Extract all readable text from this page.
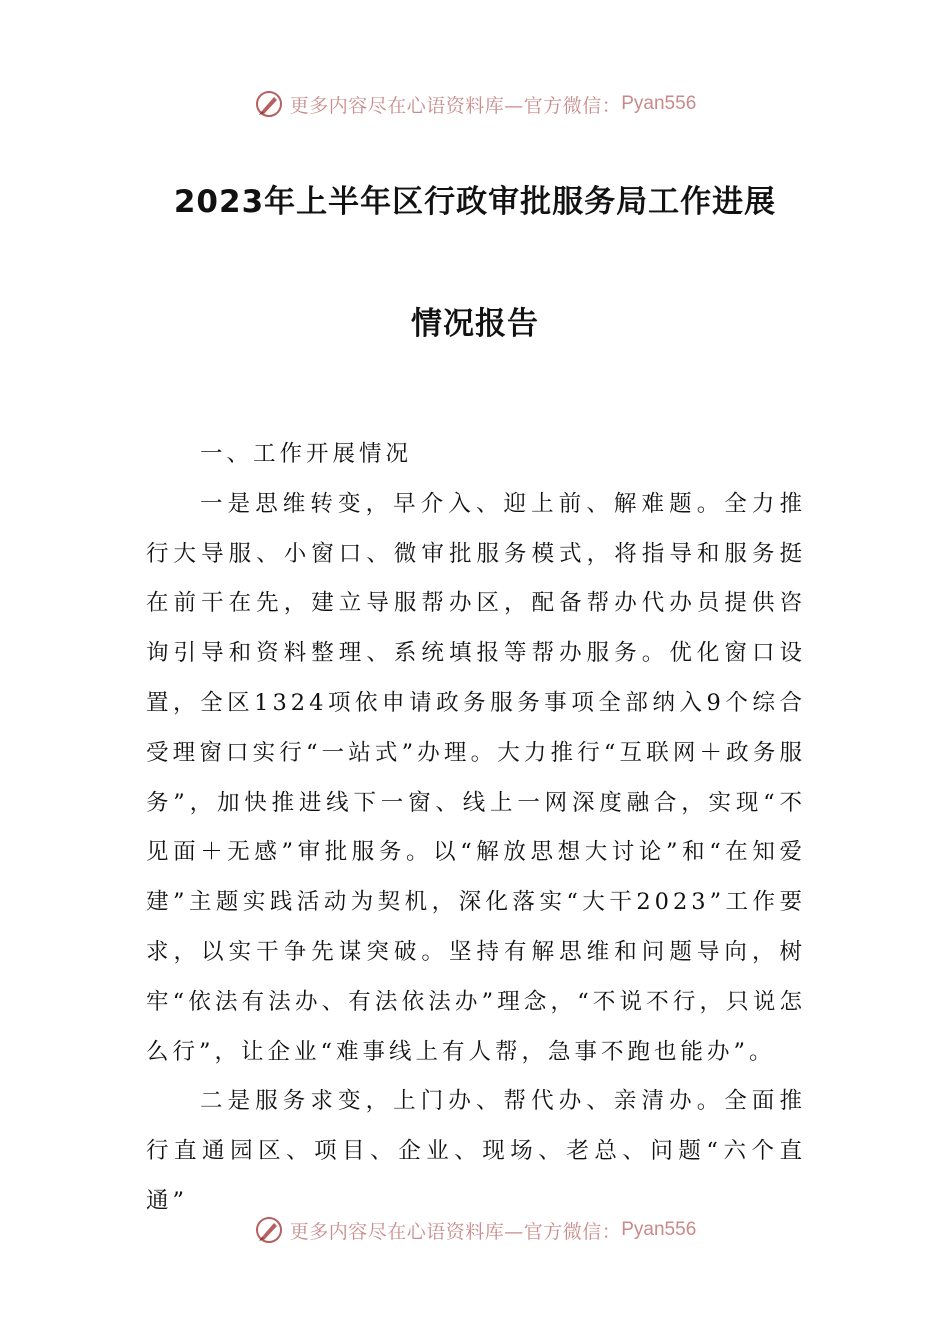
更多内容尽在心语资料库—官方微信： Pyan556
2023年上半年区行政审批服务局工作进展
情况报告

一、工作开展情况

一是思维转变，早介入、迎上前、解难题。全力推行大导服、小窗口、微审批服务模式，将指导和服务挺在前干在先，建立导服帮办区，配备帮办代办员提供咨询引导和资料整理、系统填报等帮办服务。优化窗口设置，全区1324项依申请政务服务事项全部纳入9个综合受理窗口实行“一站式”办理。大力推行“互联网＋政务服务”，加快推进线下一窗、线上一网深度融合，实现“不见面＋无感”审批服务。以“解放思想大讨论”和“在知爱建”主题实践活动为契机，深化落实“大干2023”工作要求，以实干争先谋突破。坚持有解思维和问题导向，树牢“依法有法办、有法依法办”理念，“不说不行，只说怎么行”，让企业“难事线上有人帮，急事不跑也能办”。

二是服务求变，上门办、帮代办、亲清办。全面推行直通园区、项目、企业、现场、老总、问题“六个直通”

更多内容尽在心语资料库—官方微信： Pyan556
